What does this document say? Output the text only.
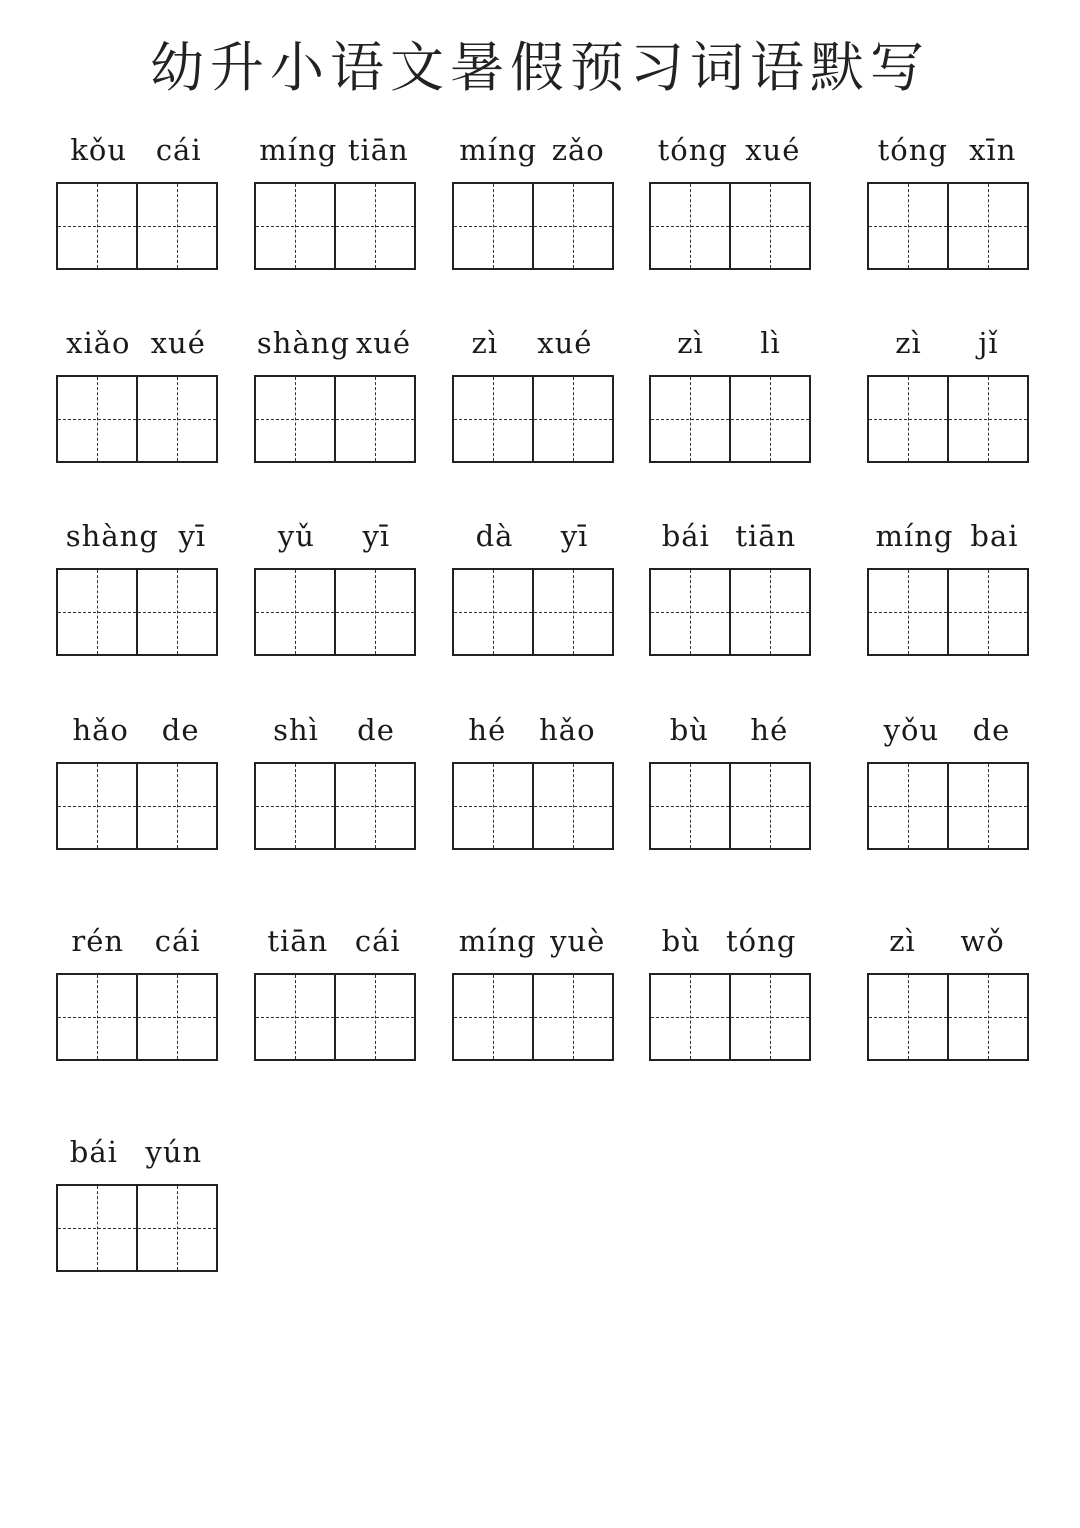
幼升小语文暑假预习词语默写
kǒu cái míng tiān míng zǎo tóng xué	tóng xīn
xiǎo xué shàng xué zì xué	zì lì	zì jǐ
shàng yī yǔ yī	dà yī	bái tiān	míng bai
hǎo de	shì de	hé hǎo	bù hé	yǒu de
rén cái tiān cái míng yuè bù tóng	zì wǒ
bái yún
